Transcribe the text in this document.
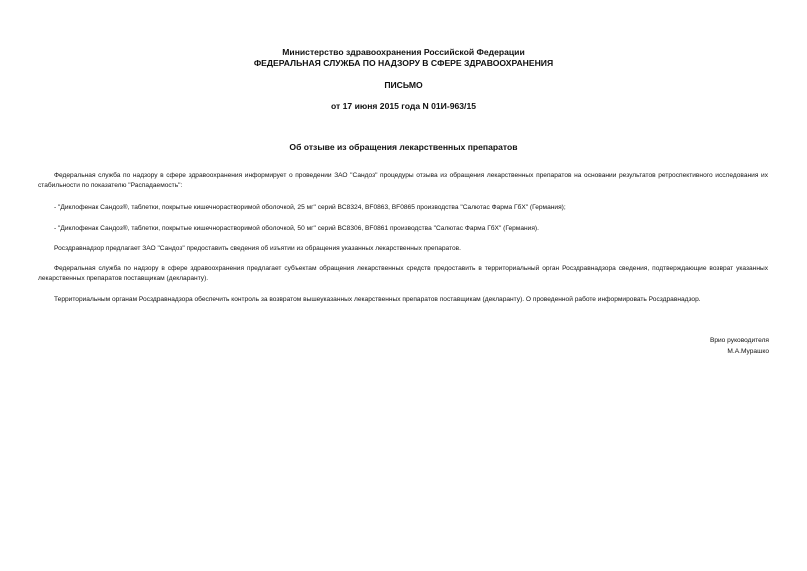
Министерство здравоохранения Российской Федерации
ФЕДЕРАЛЬНАЯ СЛУЖБА ПО НАДЗОРУ В СФЕРЕ ЗДРАВООХРАНЕНИЯ
ПИСЬМО
от 17 июня 2015 года N 01И-963/15
Об отзыве из обращения лекарственных препаратов

Федеральная служба по надзору в сфере здравоохранения информирует о проведении ЗАО "Сандоз" процедуры отзыва из обращения лекарственных препаратов на основании результатов ретроспективного исследования их стабильности по показателю "Распадаемость":

- "Диклофенак Сандоз®, таблетки, покрытые кишечнорастворимой оболочкой, 25 мг" серий BC8324, BF0863, BF0865 производства "Салютас Фарма ГбХ" (Германия);

- "Диклофенак Сандоз®, таблетки, покрытые кишечнорастворимой оболочкой, 50 мг" серий BC8306, BF0861 производства "Салютас Фарма ГбХ" (Германия).

Росздравнадзор предлагает ЗАО "Сандоз" предоставить сведения об изъятии из обращения указанных лекарственных препаратов.

Федеральная служба по надзору в сфере здравоохранения предлагает субъектам обращения лекарственных средств предоставить в территориальный орган Росздравнадзора сведения, подтверждающие возврат указанных лекарственных препаратов поставщикам (декларанту).

Территориальным органам Росздравнадзора обеспечить контроль за возвратом вышеуказанных лекарственных препаратов поставщикам (декларанту). О проведенной работе информировать Росздравнадзор.

Врио руководителя
М.А.Мурашко
